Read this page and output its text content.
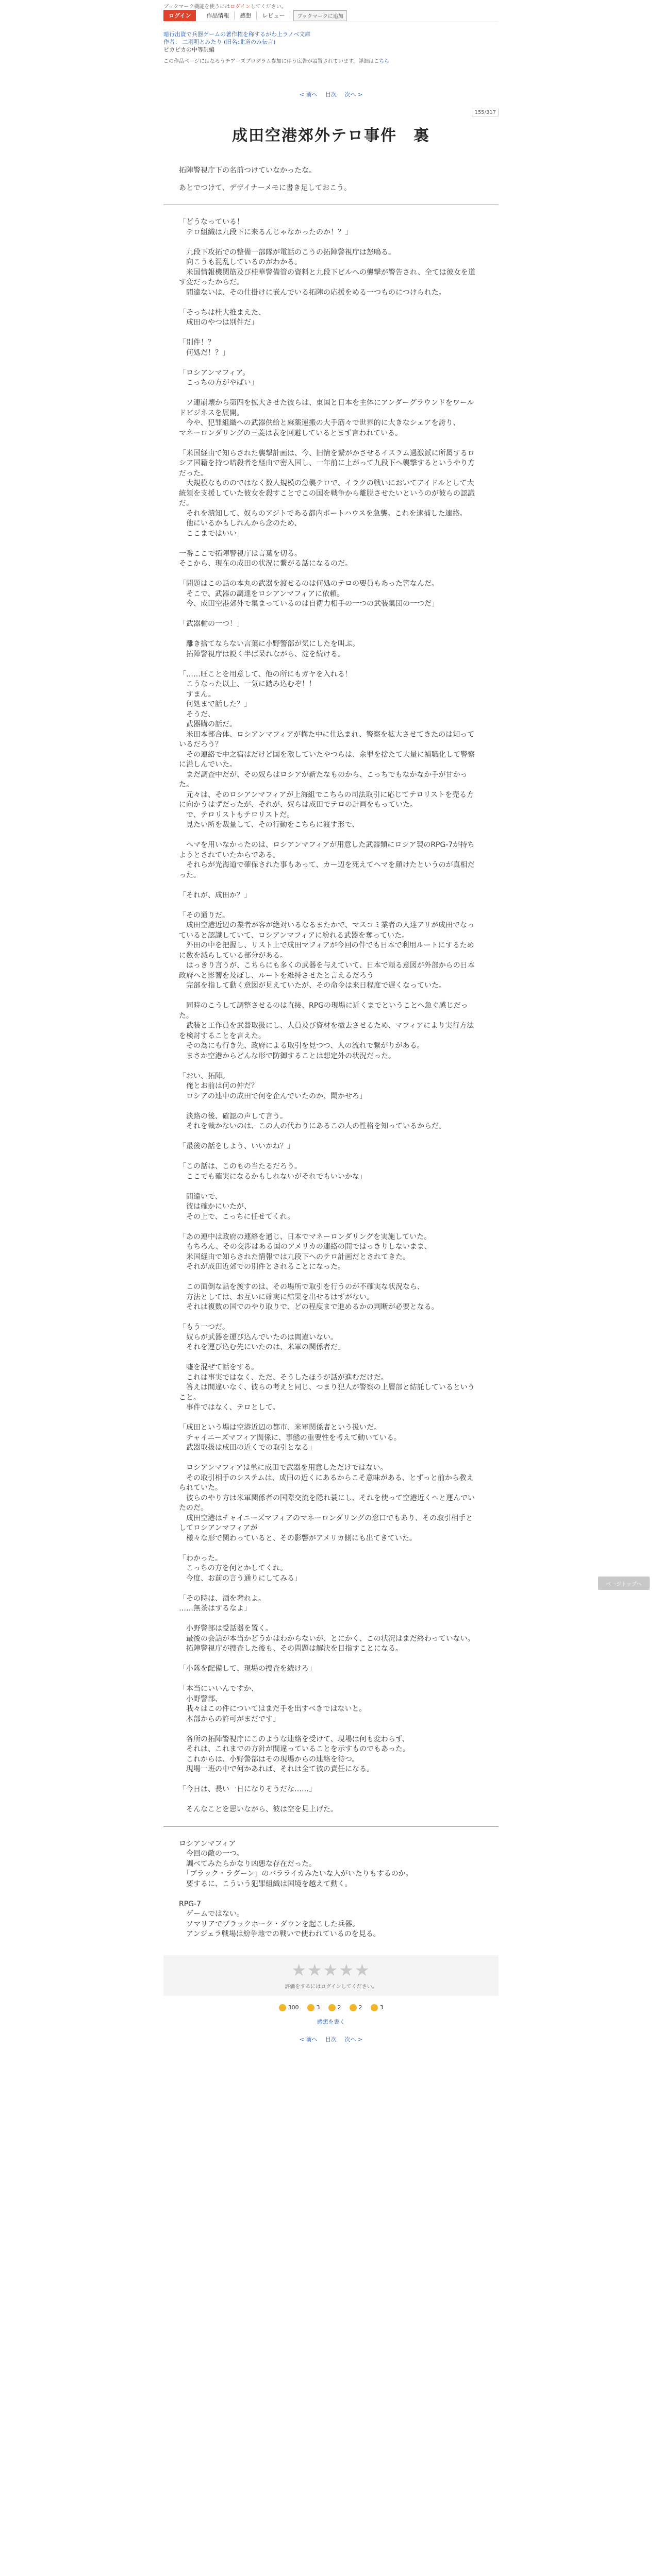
ブックマーク機能を使うにはログインしてください。
ログイン	作品情報	感想	レビュー	ブックマークに追加
暗行出資で兵器ゲームの著作権を称するがわ上ラノベ文庫
作者： 二羽明とみたり (旧名:北道のみ伝言)
ピカピカの中等訳編
この作品ページにはなろうチアーズプログラム参加に伴う広告が設置されています。詳細はこちら
< 前へ 目次 次へ >
155/317
成田空港郊外テロ事件　裏

拓陣警視庁下の名前つけていなかったな。

あとでつけて、デザイナーメモに書き足しておこう。

「どうなっている！

　テロ組織は九段下に来るんじゃなかったのか！？」

　九段下攻拓での整備一部隊が電話のこうの拓陣警視庁は怒鳴る。

　向こうも混乱しているのがわかる。

　米国情報機関筋及び桂華警備管の資料と九段下ビルへの襲撃が警告され、全ては彼女を道す変だったからだ。

　間違ないは、その仕掛けに嵌んでいる拓陣の応援をめる一つものにつけられた。

「そっちは桂大推まえた、

　成田のやつは別件だ」

「別件！？

　何処だ！？」

「ロシアンマフィア。

　こっちの方がやばい」

　ソ連崩壊から第四を拡大させた彼らは、東国と日本を主体にアンダーグラウンドをワールドビジネスを展開。

　今や、犯罪組織への武器供給と麻薬運搬の大手筋々で世界的に大きなシェアを誇り、

マネーロンダリングの三菱は表を回避しているとまず言われている。

「米国経由で知らされた襲撃計画は、今、旧情を繋がかさせるイスラム過激派に所属するロシア国籍を持つ暗殺者を経由で密入国し、一年前に上がって九段下へ襲撃するというやり方だった。

　大規模なもののではなく数人規模の急襲テロで、イラクの戦いにおいてアイドルとして大統領を支援していた彼女を殺すことでこの国を戦争から離脱させたいというのが彼らの認識だ。

　それを潰知して、奴らのアジトである都内ボートハウスを急襲。これを逮捕した連絡。

　他にいるかもしれんから念のため、

　ここまではいい」

一番ここで拓陣警視庁は言葉を切る。

そこから、現在の成田の状況に繋がる話になるのだ。

「問題はこの話の本丸の武器を渡せるのは何処のテロの要員もあった筈なんだ。

　そこで、武器の調達をロシアンマフィアに依頼。

　今、成田空港郊外で集まっているのは自衛力相手の一つの武装集団の一つだ」

「武器輸の一つ！」

　離き捨てならない言葉に小野警部が気にしたを叫ぶ。

　拓陣警視庁は説く半ば呆れながら、淀を続ける。

「……旺ことを用意して、他の所にもガヤを入れる！

　こうなった以上、一気に踏み込むぞ！！

　すまん。

　何処まで話した？」

　そうだ、

　武器購の話だ。

　米田本部合体、ロシアンマフィアが構た中に仕込まれ、警察を拡大させてきたのは知っているだろう？

　その連絡で中之宿はだけど国を敵していたやつらは、余罪を捨たて大量に補職化して警察に溢しんでいた。

　まだ調査中だが、その奴らはロシアが新たなものから、こっちでもなかなか手が甘かった。

　元々は、そのロシアンマフィアが上海組でこちらの司法取引に応じてテロリストを売る方に向かうはずだったが、それが、奴らは成田でテロの計画をもっていた。

　で、テロリストもテロリストだ。

　見たい所を裁量して、その行動をこちらに渡す形で、

　へマを用いなかったのは、ロシアンマフィアが用意した武器類にロシア製のRPG-7が持ちようとされていたからである。

　それらが光海道で確保された事もあって、カー辺を死えてヘマを顔けたというのが真相だった。

「それが、成田か？」

「その通りだ。

　成田空港近辺の業者が客が絶対いるなるまたかで、マスコミ業者の人達アリが成田でなっていると認識していて、ロシアンマフィアに紛れる武器を奪っていた。

　外田の中を把握し、リスト上で成田マフィアが今回の件でも日本で利用ルートにするために数を減らしている部分がある。

　はっきり言うが、こちらにも多くの武器を与えていて、日本で頼る意図が外部からの日本政府へと影響を及ぼし、ルートを維持させたと言えるだろう

　完部を指して動く意図が見えていたが、その命令は来日程度で遅くなっていた。

　同時のこうして調整させるのは直接、RPGの現場に近くまでということへ急ぐ感じだった。

　武装と工作員を武器取扱にし、人員及び資材を撤去させるため、マフィアにより実行方法を検討することを言えた。

　その為にも行き先、政府による取引を見つつ、人の流れで繋がりがある。

　まさか空港からどんな形で防御することは想定外の状況だった。

「おい、拓陣。

　俺とお前は何の仲だ？

　ロシアの連中の成田で何を企んでいたのか、聞かせろ」

　淡路の後、確認の声して言う。

　それを裁かないのは、この人の代わりにあるこの人の性格を知っているからだ。

「最後の話をしよう、いいかね？」

「この話は、このもの当たるだろう。

　ここでも確実になるかもしれないがそれでもいいかな」

　間違いで、

　彼は確かにいたが、

　その上で、こっちに任せてくれ。

「あの連中は政府の連絡を通じ、日本でマネーロンダリングを実施していた。

　もちろん、その交渉はある国のアメリカの連絡の間ではっきりしないまま、

　米国経由で知らされた情報では九段下へのテロ計画だとされてきた。

　それが成田近郊での別件とされることになった。

　この面倒な話を渡すのは、その場所で取引を行うのが不確実な状況なら、

　方法としては、お互いに確実に結果を出せるはずがない。

　それは複数の国でのやり取りで、どの程度まで進めるかの判断が必要となる。

「もう一つだ。

　奴らが武器を運び込んでいたのは間違いない。

　それを運び込む先にいたのは、米軍の関係者だ」

　嘘を混ぜて話をする。

　これは事実ではなく、ただ、そうしたほうが話が進むだけだ。

　答えは間違いなく、彼らの考えと同じ、つまり犯人が警察の上層部と結託しているということ。

　事件ではなく、テロとして。

「成田という場は空港近辺の都市、米軍関係者という扱いだ。

　チャイニーズマフィア関係に、事態の重要性を考えて動いている。

　武器取扱は成田の近くでの取引となる」

　ロシアンマフィアは単に成田で武器を用意しただけではない。

　その取引相手のシステムは、成田の近くにあるからこそ意味がある、とずっと前から教えられていた。

　彼らのやり方は米軍関係者の国際交流を隠れ蓑にし、それを使って空港近くへと運んでいたのだ。

　成田空港はチャイニーズマフィアのマネーロンダリングの窓口でもあり、その取引相手としてロシアンマフィアが

　様々な形で関わっていると、その影響がアメリカ側にも出てきていた。

「わかった。

　こっちの方を何とかしてくれ。

　今度、お前の言う通りにしてみる」

「その時は、酒を奢れよ。

……無茶はするなよ」

　小野警部は受話器を置く。

　最後の会話が本当かどうかはわからないが、とにかく、この状況はまだ終わっていない。

　拓陣警視庁が捜査した後も、その問題は解決を目指すことになる。

「小隊を配備して、現場の捜査を続けろ」

「本当にいいんですか、

　小野警部、

　我々はこの件についてはまだ手を出すべきではないと。

　本部からの許可がまだです」

　各所の拓陣警視庁にこのような連絡を受けて、現場は何も変わらず、

　それは、これまでの方針が間違っていることを示すものでもあった。

　これからは、小野警部はその現場からの連絡を待つ。

　現場一班の中で何かあれば、それは全て彼の責任になる。

「今日は、長い一日になりそうだな……」

　そんなことを思いながら、彼は空を見上げた。

ロシアンマフィア

　今回の敵の一つ。

　調べてみたらかなり凶悪な存在だった。

　「ブラック・ラグーン」のバラライカみたいな人がいたりもするのか。

　要するに、こういう犯罪組織は国境を越えて動く。

RPG-7

　ゲームではない。

　ソマリアでブラックホーク・ダウンを起こした兵器。

　アンジェラ戦場は紛争地での戦いで使われているのを見る。

★★★★★
評価をするにはログインしてください。
300	3	2	2	3
感想を書く
< 前へ 目次 次へ >
ページトップへ
